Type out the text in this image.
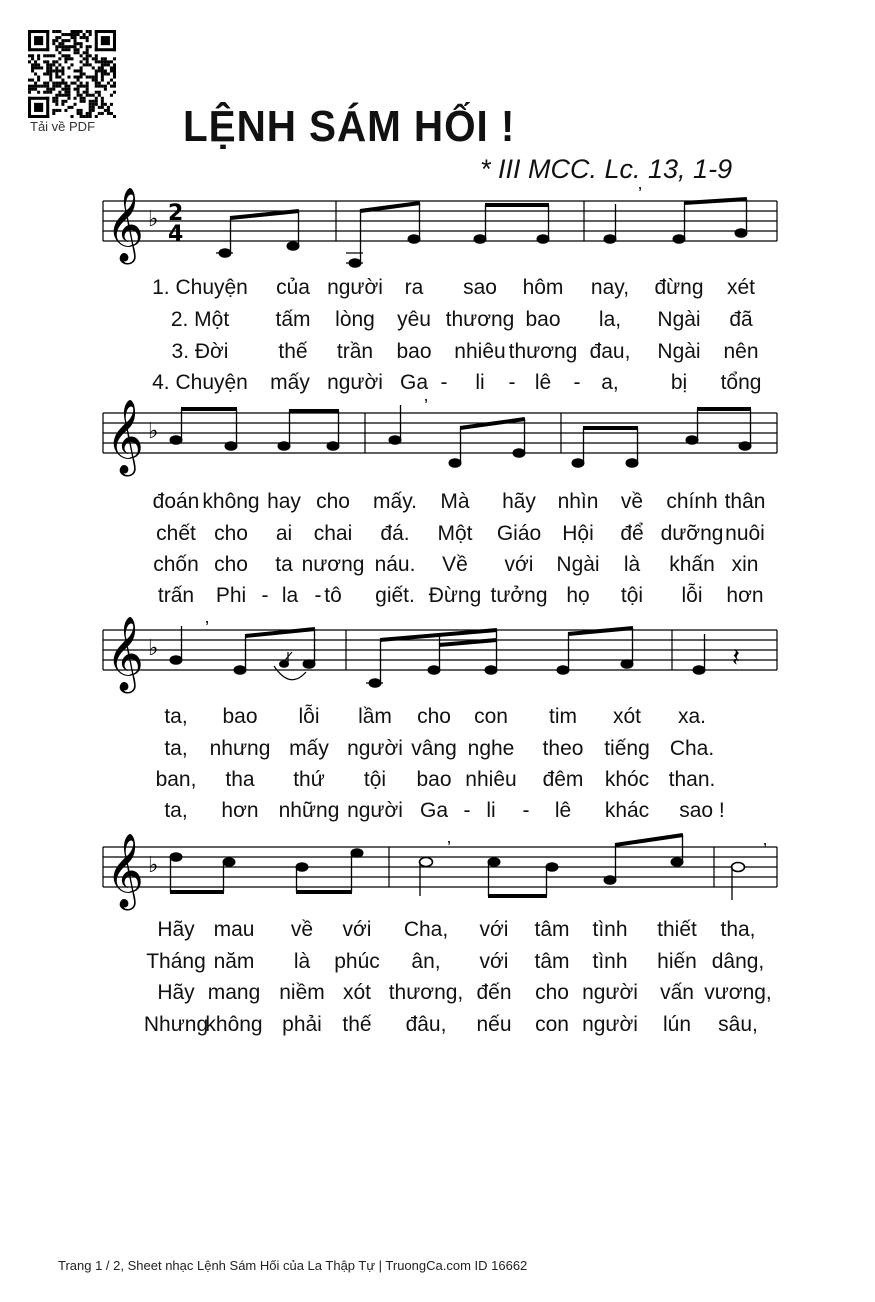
Tải về PDF LỆNH SÁM HỐI !
* III MCC. Lc. 13, 1-9
𝄞 ♭ 2
4
’
𝄞 ♭
’
𝄞 ♭
’
𝄽
𝄞 ♭
’	’
1. Chuyện của người ra sao hôm nay, đừng xét
2. Một tấm lòng yêu thương bao la, Ngài đã
3. Đời thế trần bao nhiêu thương đau, Ngài nên
4. Chuyện mấy người Ga - li - lê - a, bị tổng
đoán không hay cho mấy. Mà hãy nhìn về chính thân
chết cho ai chai đá. Một Giáo Hội để dưỡng nuôi
chốn cho ta nương náu. Về với Ngài là khấn xin
trấn Phi - la - tô giết. Đừng tưởng họ tội lỗi hơn
ta, bao lỗi lầm cho con tim xót xa.
ta, nhưng mấy người vâng nghe theo tiếng Cha.
ban, tha thứ tội bao nhiêu đêm khóc than.
ta, hơn những người Ga - li - lê khác sao !
Hãy mau về với Cha, với tâm tình thiết tha,
Tháng năm là phúc ân, với tâm tình hiến dâng,
Hãy mang niềm xót thương, đến cho người vấn vương,
Nhưng
không phải thế đâu, nếu con người lún sâu,
Trang 1 / 2, Sheet nhạc Lệnh Sám Hối của La Thập Tự | TruongCa.com ID 16662
